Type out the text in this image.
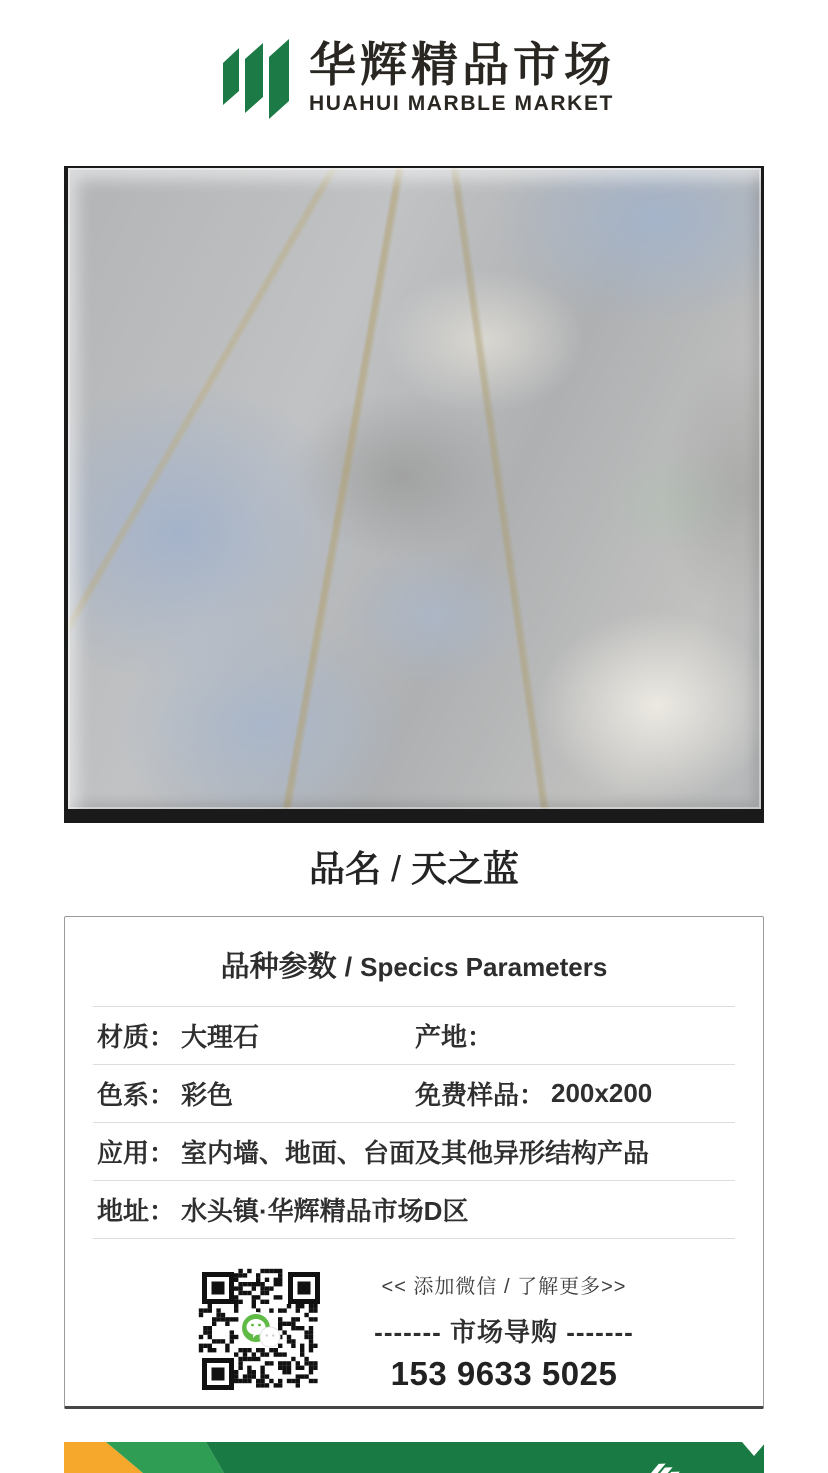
华辉精品市场
HUAHUI MARBLE MARKET
品名 / 天之蓝
品种参数 / Specics Parameters
材质： 大理石	产地：
色系： 彩色	免费样品： 200x200
应用： 室内墙、地面、台面及其他异形结构产品
地址： 水头镇·华辉精品市场D区
<< 添加微信 / 了解更多>>
------- 市场导购 -------
153 9633 5025
